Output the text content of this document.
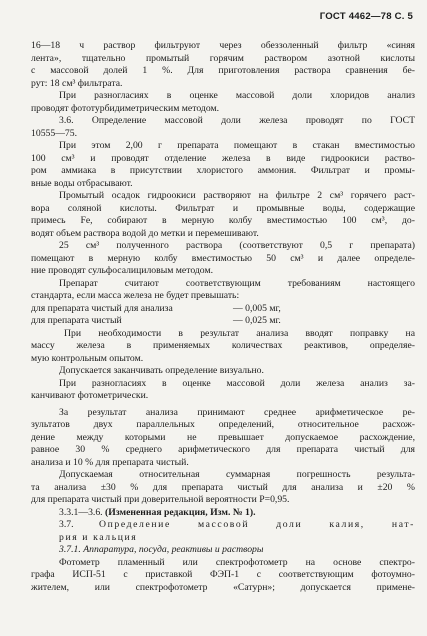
ГОСТ 4462—78 С. 5
16—18 ч раствор фильтруют через обеззоленный фильтр «синяя
лента», тщательно промытый горячим раствором азотной кислоты
с массовой долей 1 %. Для приготовления раствора сравнения бе-
рут: 18 см³ фильтрата.
При разногласиях в оценке массовой доли хлоридов анализ
проводят фототурбидиметрическим методом.
3.6. Определение массовой доли железа проводят по ГОСТ
10555—75.
При этом 2,00 г препарата помещают в стакан вместимостью
100 см³ и проводят отделение железа в виде гидроокиси раство-
ром аммиака в присутствии хлористого аммония. Фильтрат и промы-
вные воды отбрасывают.
Промытый осадок гидроокиси растворяют на фильтре 2 см³ горячего раст-
вора соляной кислоты. Фильтрат и промывные воды, содержащие
примесь Fe, собирают в мерную колбу вместимостью 100 см³, до-
водят объем раствора водой до метки и перемешивают.
25 см³ полученного раствора (соответствуют 0,5 г препарата)
помещают в мерную колбу вместимостью 50 см³ и далее определе-
ние проводят сульфосалициловым методом.
Препарат считают соответствующим требованиям настоящего
стандарта, если масса железа не будет превышать:
для препарата чистый для анализа	— 0,005 мг,
для препарата чистый	— 0,025 мг.
При необходимости в результат анализа вводят поправку на
массу железа в применяемых количествах реактивов, определяе-
мую контрольным опытом.
Допускается заканчивать определение визуально.
При разногласиях в оценке массовой доли железа анализ за-
канчивают фотометрически.
За результат анализа принимают среднее арифметическое ре-
зультатов двух параллельных определений, относительное расхож-
дение между которыми не превышает допускаемое расхождение,
равное 30 % среднего арифметического для препарата чистый для
анализа и 10 % для препарата чистый.
Допускаемая относительная суммарная погрешность результа-
та анализа ±30 % для препарата чистый для анализа и ±20 %
для препарата чистый при доверительной вероятности P=0,95.
3.3.1—3.6. (Измененная редакция, Изм. № 1).
3.7.	Определение массовой доли калия, нат-
рия и кальция
3.7.1. Аппаратура, посуда, реактивы и растворы
Фотометр пламенный или спектрофотометр на основе спектро-
графа ИСП-51 с приставкой ФЭП-1 с соответствующим фотоумно-
жителем, или спектрофотометр «Сатурн»; допускается примене-
